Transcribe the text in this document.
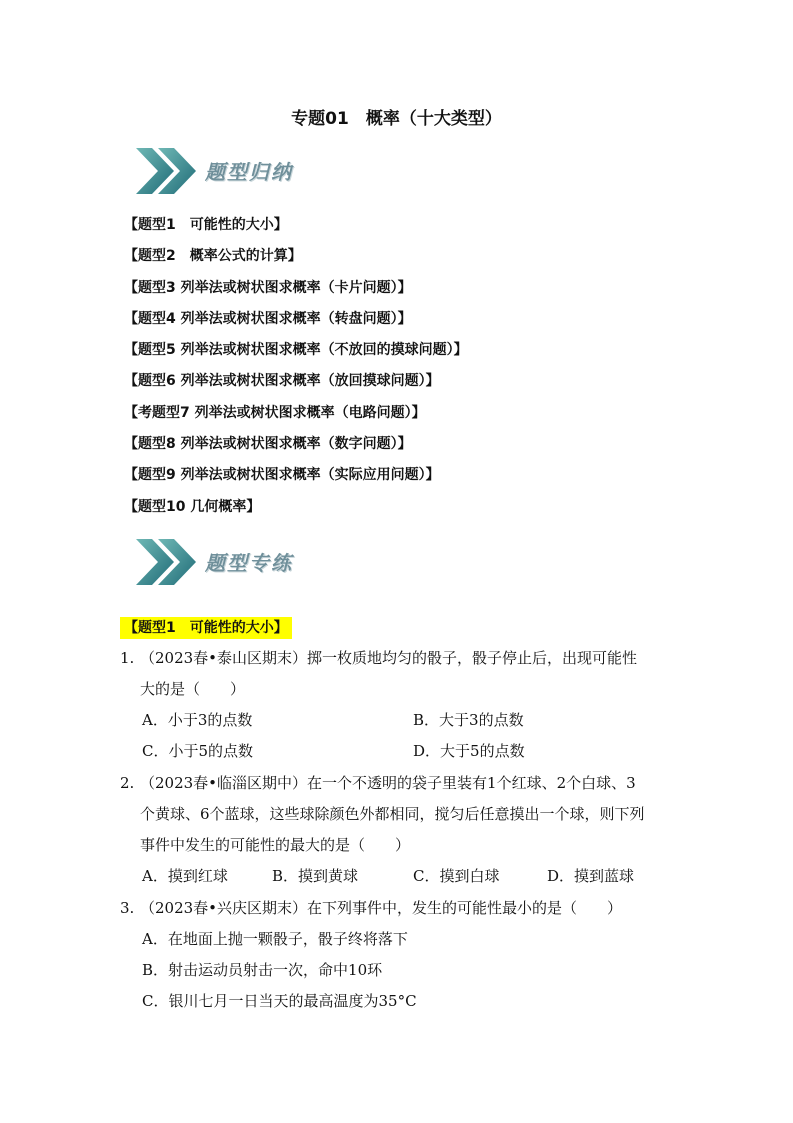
专题01　概率（十大类型）
题型归纳
【题型1　可能性的大小】
【题型2　概率公式的计算】
【题型3 列举法或树状图求概率（卡片问题）】
【题型4 列举法或树状图求概率（转盘问题）】
【题型5 列举法或树状图求概率（不放回的摸球问题）】
【题型6 列举法或树状图求概率（放回摸球问题）】
【考题型7 列举法或树状图求概率（电路问题）】
【题型8 列举法或树状图求概率（数字问题）】
【题型9 列举法或树状图求概率（实际应用问题）】
【题型10 几何概率】
题型专练
【题型1　可能性的大小】
1. （2023春•泰山区期末）掷一枚质地均匀的骰子，骰子停止后，出现可能性
大的是（　　）
A．小于3的点数	B．大于3的点数
C．小于5的点数	D．大于5的点数
2. （2023春•临淄区期中）在一个不透明的袋子里装有1个红球、2个白球、3
个黄球、6个蓝球，这些球除颜色外都相同，搅匀后任意摸出一个球，则下列
事件中发生的可能性的最大的是（　　）
A．摸到红球	B．摸到黄球	C．摸到白球	D．摸到蓝球
3. （2023春•兴庆区期末）在下列事件中，发生的可能性最小的是（　　）
A．在地面上抛一颗骰子，骰子终将落下
B．射击运动员射击一次，命中10环
C．银川七月一日当天的最高温度为35°C
